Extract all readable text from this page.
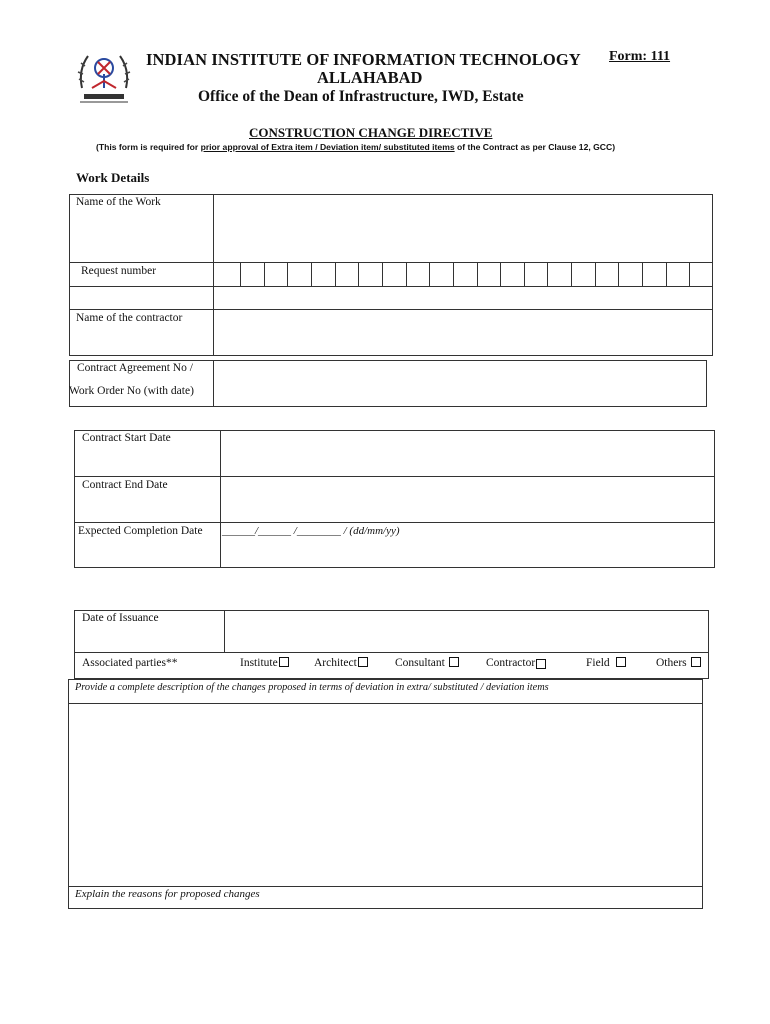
INDIAN INSTITUTE OF INFORMATION TECHNOLOGY
ALLAHABAD
Office of the Dean of Infrastructure, IWD, Estate
Form: 111
CONSTRUCTION CHANGE DIRECTIVE
(This form is required for prior approval of Extra item / Deviation item/ substituted items of the Contract as per Clause 12, GCC)
Work Details
Name of the Work
Request number
Name of the contractor
Contract Agreement No /
Work Order No (with date)
Contract Start Date
Contract End Date
Expected Completion Date ______/______ /________ / (dd/mm/yy)
Date of Issuance
Associated parties**	Institute	Architect	Consultant	Contractor	Field	Others
Provide a complete description of the changes proposed in terms of deviation in extra/ substituted / deviation items
Explain the reasons for proposed changes
